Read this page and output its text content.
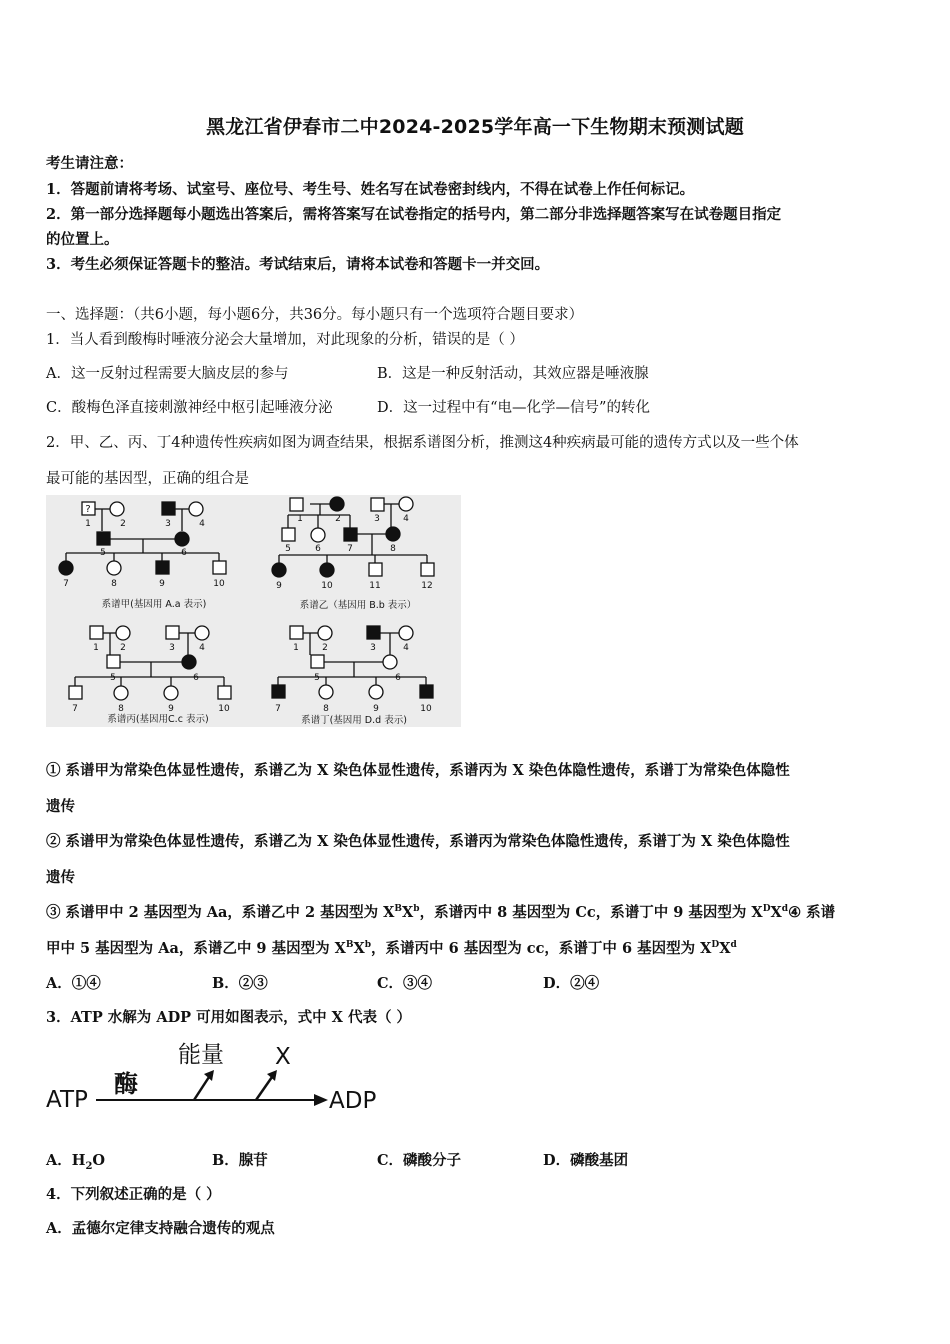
黑龙江省伊春市二中2024-2025学年高一下生物期末预测试题
考生请注意：
1．答题前请将考场、试室号、座位号、考生号、姓名写在试卷密封线内，不得在试卷上作任何标记。
2．第一部分选择题每小题选出答案后，需将答案写在试卷指定的括号内，第二部分非选择题答案写在试卷题目指定
的位置上。
3．考生必须保证答题卡的整洁。考试结束后，请将本试卷和答题卡一并交回。
一、选择题：（共6小题，每小题6分，共36分。每小题只有一个选项符合题目要求）
1．当人看到酸梅时唾液分泌会大量增加，对此现象的分析，错误的是（ ）
A．这一反射过程需要大脑皮层的参与	B．这是一种反射活动，其效应器是唾液腺
C．酸梅色泽直接刺激神经中枢引起唾液分泌	D．这一过程中有“电—化学—信号”的转化
2．甲、乙、丙、丁4种遗传性疾病如图为调查结果，根据系谱图分析，推测这4种疾病最可能的遗传方式以及一些个体
最可能的基因型，正确的组合是
?
1	2	3	4
5	6
7	8	9	10
1	2	3	4
5	6	7	8
9	10	11	12
1 2	3	4
5	6
7	8	9	10
1	2	3	4
5	6
7	8	9	10
系谱甲(基因用 A.a 表示)	系谱乙（基因用 B.b 表示）
系谱丙(基因用C.c 表示)	系谱丁(基因用 D.d 表示)
① 系谱甲为常染色体显性遗传，系谱乙为 X 染色体显性遗传，系谱丙为 X 染色体隐性遗传，系谱丁为常染色体隐性
遗传
② 系谱甲为常染色体显性遗传，系谱乙为 X 染色体显性遗传，系谱丙为常染色体隐性遗传，系谱丁为 X 染色体隐性
遗传
③ 系谱甲中 2 基因型为 Aa，系谱乙中 2 基因型为 $X^BX^b$，系谱丙中 8 基因型为 Cc，系谱丁中 9 基因型为 $X^DX^d④$ 系谱
甲中 5 基因型为 Aa，系谱乙中 9 基因型为 $X^BX^b$，系谱丙中 6 基因型为 cc，系谱丁中 6 基因型为 $X^DX^d$
A．①④	B．②③	C．③④	D．②④
3．ATP 水解为 ADP 可用如图表示，式中 X 代表（ ）
ATP
酶
能量 X
ADP
A．$H_2O$	B．腺苷	C．磷酸分子	D．磷酸基团
4．下列叙述正确的是（ ）
A．孟德尔定律支持融合遗传的观点
